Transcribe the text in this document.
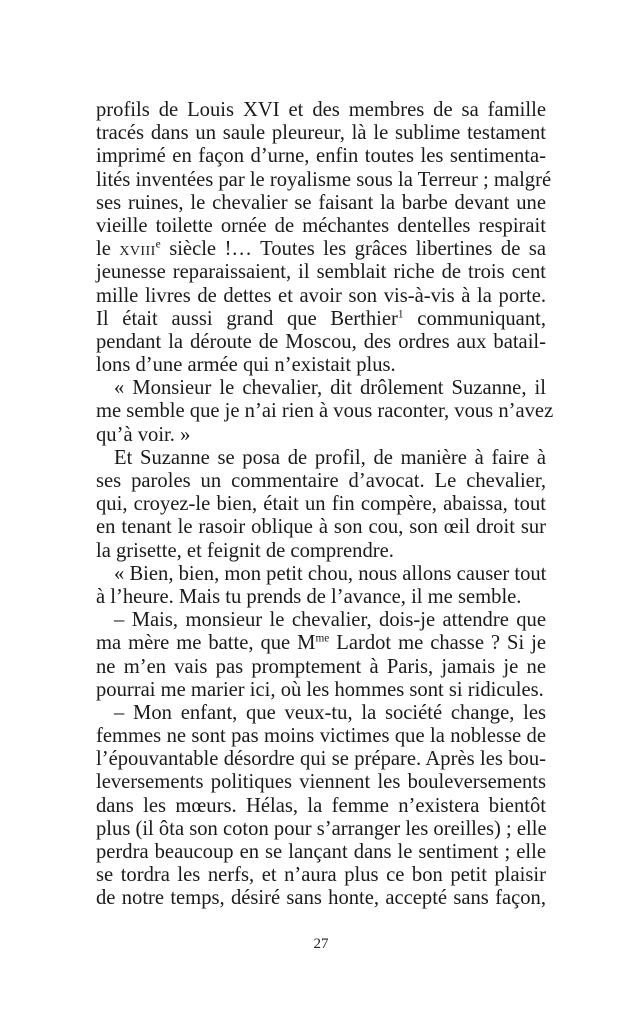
profils de Louis XVI et des membres de sa famille
tracés dans un saule pleureur, là le sublime testament
imprimé en façon d’urne, enfin toutes les sentimenta-
lités inventées par le royalisme sous la Terreur ; malgré
ses ruines, le chevalier se faisant la barbe devant une
vieille toilette ornée de méchantes dentelles respirait
le xviii$^e$ siècle !… Toutes les grâces libertines de sa
jeunesse reparaissaient, il semblait riche de trois cent
mille livres de dettes et avoir son vis-à-vis à la porte.
Il était aussi grand que Berthier$^1$ communiquant,
pendant la déroute de Moscou, des ordres aux batail-
lons d’une armée qui n’existait plus.
« Monsieur le chevalier, dit drôlement Suzanne, il
me semble que je n’ai rien à vous raconter, vous n’avez
qu’à voir. »
Et Suzanne se posa de profil, de manière à faire à
ses paroles un commentaire d’avocat. Le chevalier,
qui, croyez-le bien, était un fin compère, abaissa, tout
en tenant le rasoir oblique à son cou, son œil droit sur
la grisette, et feignit de comprendre.
« Bien, bien, mon petit chou, nous allons causer tout
à l’heure. Mais tu prends de l’avance, il me semble.
– Mais, monsieur le chevalier, dois-je attendre que
ma mère me batte, que $M^{me}$ Lardot me chasse ? Si je
ne m’en vais pas promptement à Paris, jamais je ne
pourrai me marier ici, où les hommes sont si ridicules.
– Mon enfant, que veux-tu, la société change, les
femmes ne sont pas moins victimes que la noblesse de
l’épouvantable désordre qui se prépare. Après les bou-
leversements politiques viennent les bouleversements
dans les mœurs. Hélas, la femme n’existera bientôt
plus (il ôta son coton pour s’arranger les oreilles) ; elle
perdra beaucoup en se lançant dans le sentiment ; elle
se tordra les nerfs, et n’aura plus ce bon petit plaisir
de notre temps, désiré sans honte, accepté sans façon,
27
